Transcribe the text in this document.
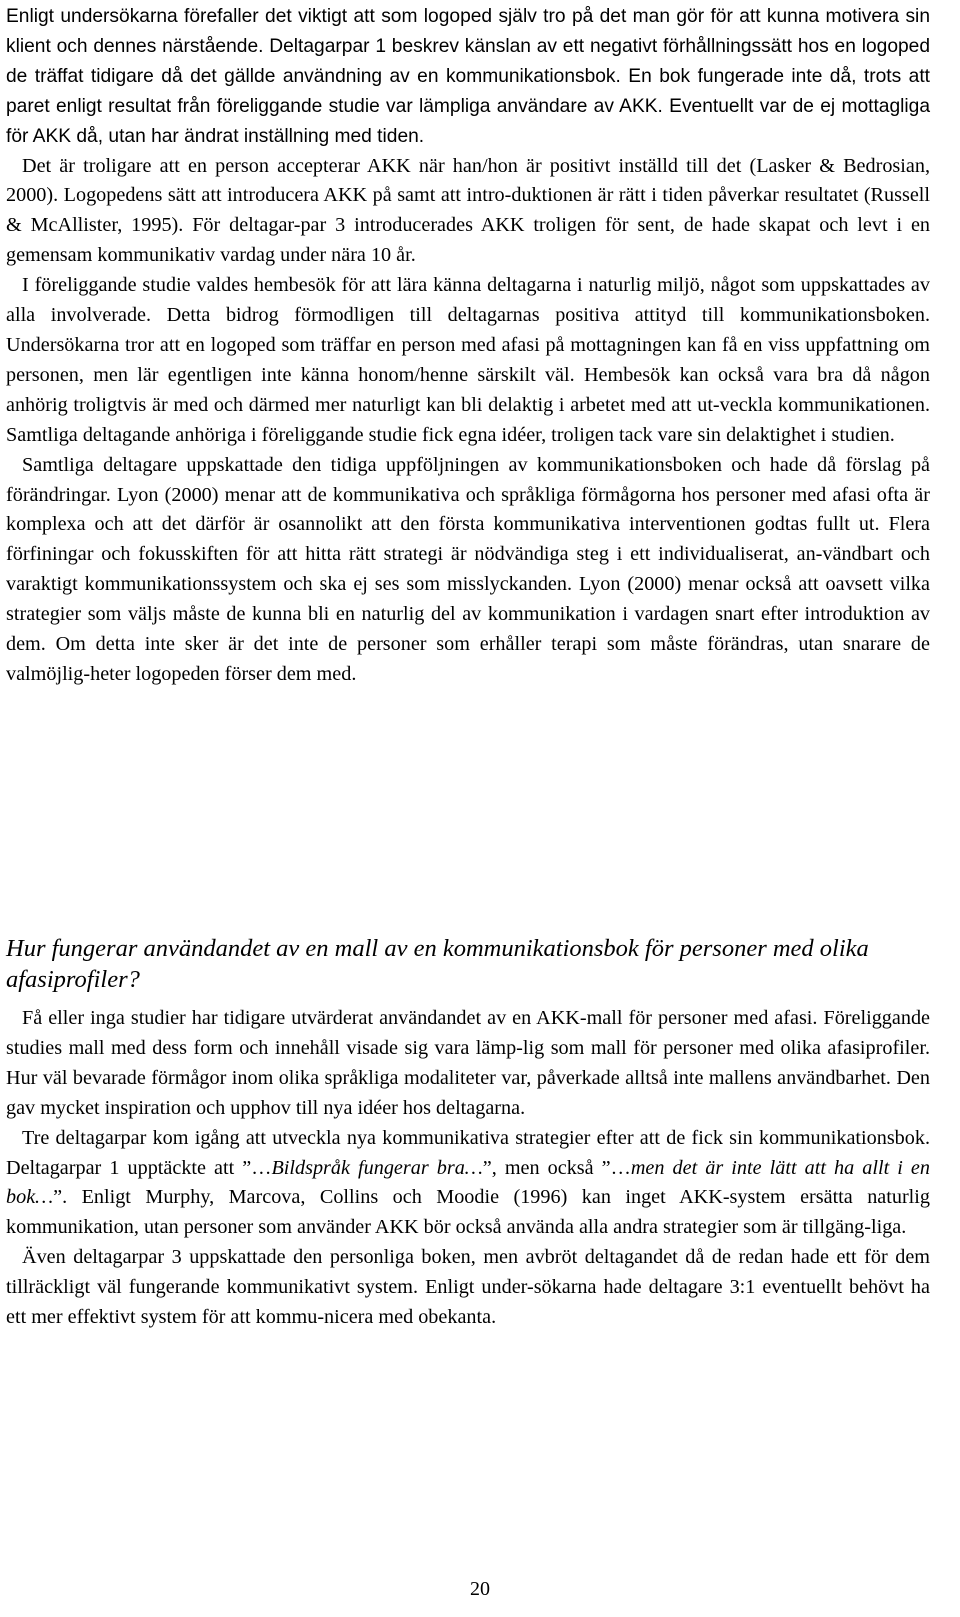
Enligt undersökarna förefaller det viktigt att som logoped själv tro på det man gör för att kunna motivera sin klient och dennes närstående. Deltagarpar 1 beskrev känslan av ett negativt förhållningssätt hos en logoped de träffat tidigare då det gällde användning av en kommunikationsbok. En bok fungerade inte då, trots att paret enligt resultat från föreliggande studie var lämpliga användare av AKK. Eventuellt var de ej mottagliga för AKK då, utan har ändrat inställning med tiden.
Det är troligare att en person accepterar AKK när han/hon är positivt inställd till det (Lasker & Bedrosian, 2000). Logopedens sätt att introducera AKK på samt att intro-duktionen är rätt i tiden påverkar resultatet (Russell & McAllister, 1995). För deltagar-par 3 introducerades AKK troligen för sent, de hade skapat och levt i en gemensam kommunikativ vardag under nära 10 år.
I föreliggande studie valdes hembesök för att lära känna deltagarna i naturlig miljö, något som uppskattades av alla involverade. Detta bidrog förmodligen till deltagarnas positiva attityd till kommunikationsboken. Undersökarna tror att en logoped som träffar en person med afasi på mottagningen kan få en viss uppfattning om personen, men lär egentligen inte känna honom/henne särskilt väl. Hembesök kan också vara bra då någon anhörig troligtvis är med och därmed mer naturligt kan bli delaktig i arbetet med att ut-veckla kommunikationen. Samtliga deltagande anhöriga i föreliggande studie fick egna idéer, troligen tack vare sin delaktighet i studien.
Samtliga deltagare uppskattade den tidiga uppföljningen av kommunikationsboken och hade då förslag på förändringar. Lyon (2000) menar att de kommunikativa och språkliga förmågorna hos personer med afasi ofta är komplexa och att det därför är osannolikt att den första kommunikativa interventionen godtas fullt ut. Flera förfiningar och fokusskiften för att hitta rätt strategi är nödvändiga steg i ett individualiserat, an-vändbart och varaktigt kommunikationssystem och ska ej ses som misslyckanden. Lyon (2000) menar också att oavsett vilka strategier som väljs måste de kunna bli en naturlig del av kommunikation i vardagen snart efter introduktion av dem. Om detta inte sker är det inte de personer som erhåller terapi som måste förändras, utan snarare de valmöjlig-heter logopeden förser dem med.
Hur fungerar användandet av en mall av en kommunikationsbok för personer med olika afasiprofiler?
Få eller inga studier har tidigare utvärderat användandet av en AKK-mall för personer med afasi. Föreliggande studies mall med dess form och innehåll visade sig vara lämp-lig som mall för personer med olika afasiprofiler. Hur väl bevarade förmågor inom olika språkliga modaliteter var, påverkade alltså inte mallens användbarhet. Den gav mycket inspiration och upphov till nya idéer hos deltagarna.
Tre deltagarpar kom igång att utveckla nya kommunikativa strategier efter att de fick sin kommunikationsbok. Deltagarpar 1 upptäckte att ”…Bildspråk fungerar bra…”, men också ”…men det är inte lätt att ha allt i en bok…”. Enligt Murphy, Marcova, Collins och Moodie (1996) kan inget AKK-system ersätta naturlig kommunikation, utan personer som använder AKK bör också använda alla andra strategier som är tillgäng-liga.
Även deltagarpar 3 uppskattade den personliga boken, men avbröt deltagandet då de redan hade ett för dem tillräckligt väl fungerande kommunikativt system. Enligt under-sökarna hade deltagare 3:1 eventuellt behövt ha ett mer effektivt system för att kommu-nicera med obekanta.
20
